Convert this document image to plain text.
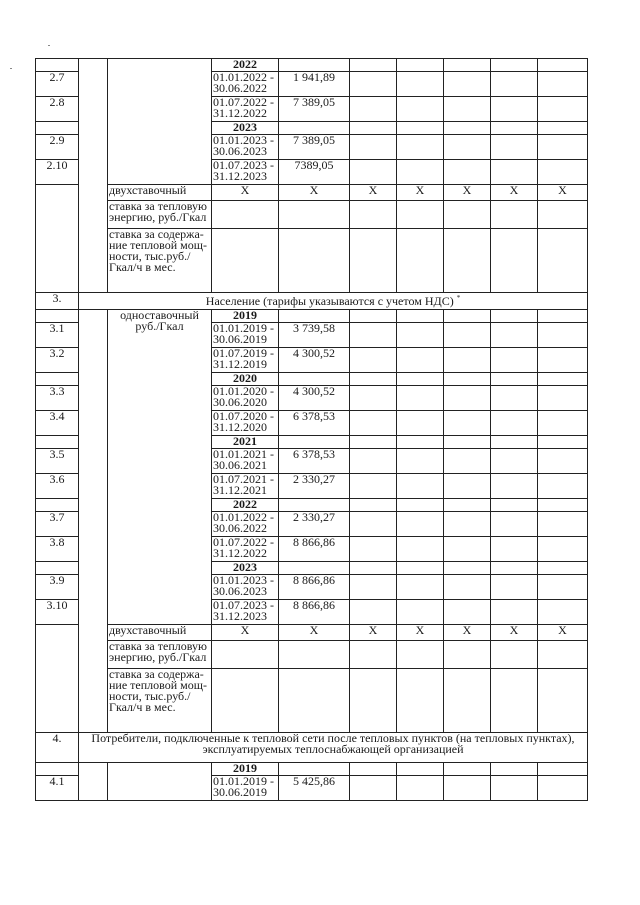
			2022						
2.7			01.01.2022 - 30.06.2022	1 941,89					
2.8			01.07.2022 - 31.12.2022	7 389,05					
			2023						
2.9			01.01.2023 - 30.06.2023	7 389,05					
2.10			01.07.2023 - 31.12.2023	7389,05					
		двухставочный	X	X	X	X	X	X	X
		ставка за тепловую энергию, руб./Гкал							
		ставка за содержа-ние тепловой мощ-ности, тыс.руб./Гкал/ч в мес.							
3.	Население (тарифы указываются с учетом НДС) *
		одноставочный руб./Гкал	2019						
3.1			01.01.2019 - 30.06.2019	3 739,58					
3.2			01.07.2019 - 31.12.2019	4 300,52					
			2020						
3.3			01.01.2020 - 30.06.2020	4 300,52					
3.4			01.07.2020 - 31.12.2020	6 378,53					
			2021						
3.5			01.01.2021 - 30.06.2021	6 378,53					
3.6			01.07.2021 - 31.12.2021	2 330,27					
			2022						
3.7			01.01.2022 - 30.06.2022	2 330,27					
3.8			01.07.2022 - 31.12.2022	8 866,86					
			2023						
3.9			01.01.2023 - 30.06.2023	8 866,86					
3.10			01.07.2023 - 31.12.2023	8 866,86					
		двухставочный	X	X	X	X	X	X	X
		ставка за тепловую энергию, руб./Гкал							
		ставка за содержа-ние тепловой мощ-ности, тыс.руб./Гкал/ч в мес.							
4.	Потребители, подключенные к тепловой сети после тепловых пунктов (на тепловых пунктах), эксплуатируемых теплоснабжающей организацией								
			2019						
4.1			01.01.2019 - 30.06.2019	5 425,86					
